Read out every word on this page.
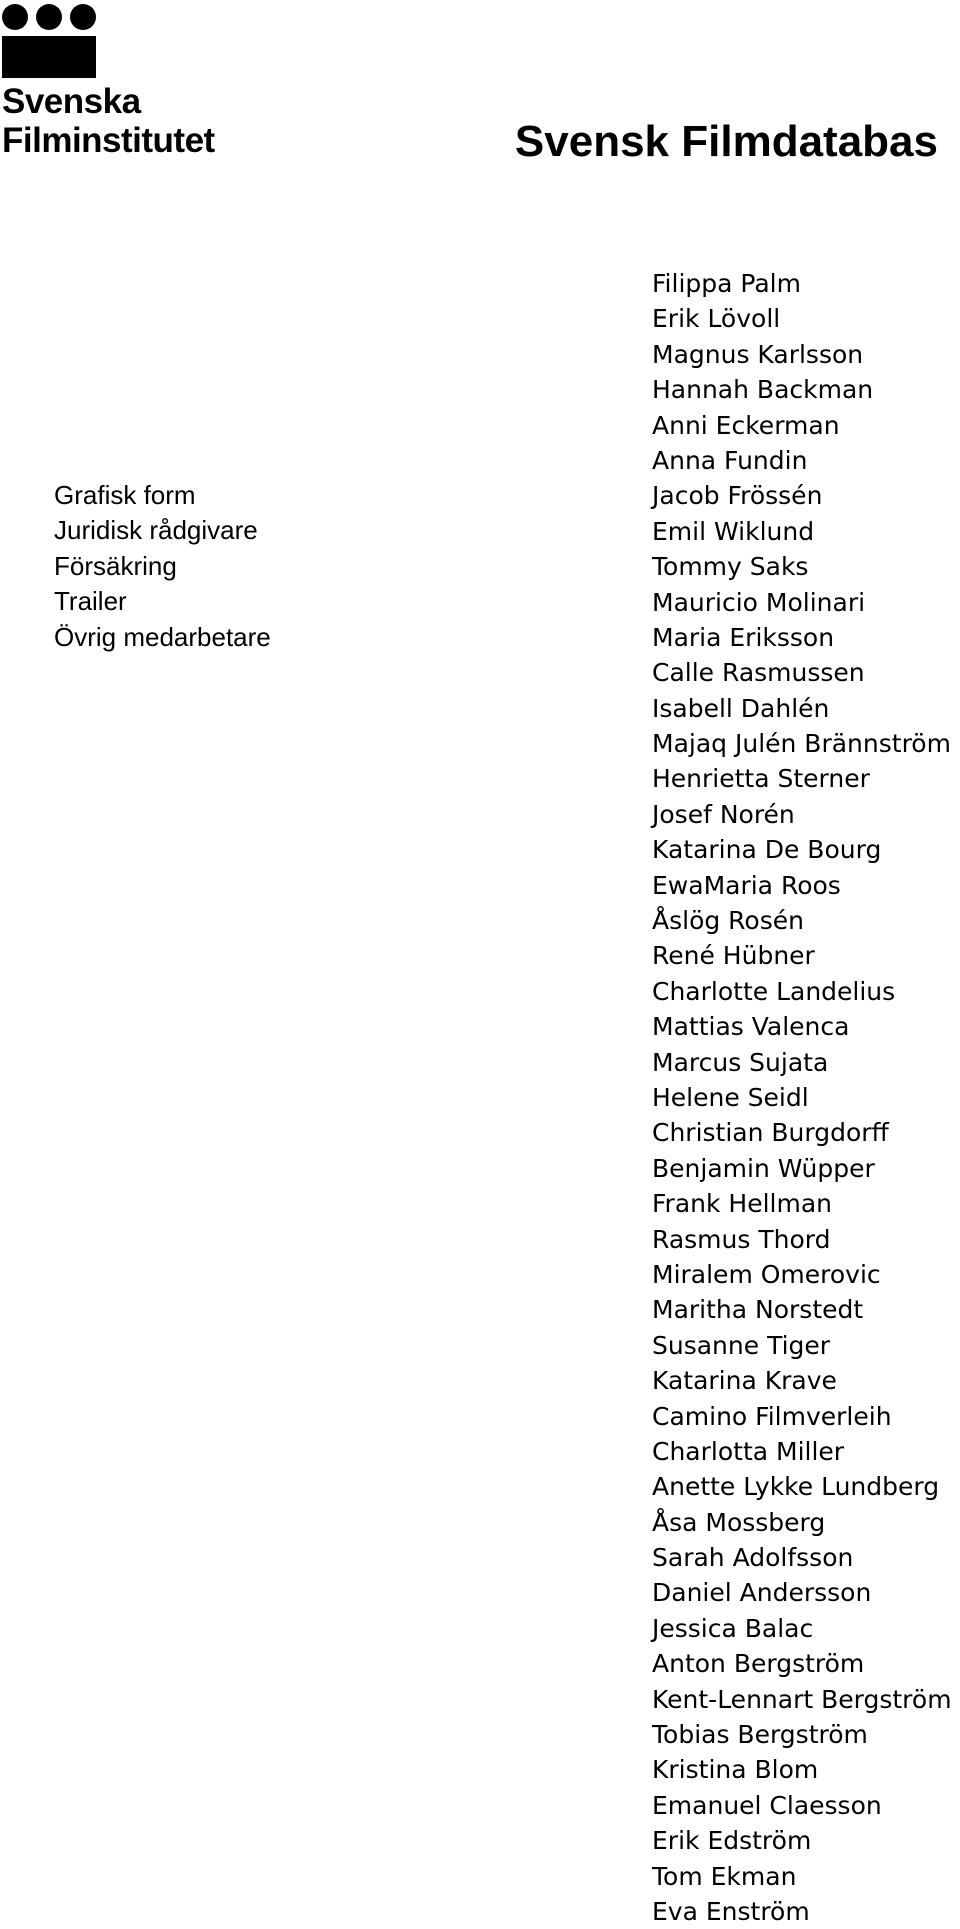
Svenska
Filminstitutet	Svensk Filmdatabas
Grafisk form
Juridisk rådgivare
Försäkring
Trailer
Övrig medarbetare
Filippa Palm
Erik Lövoll
Magnus Karlsson
Hannah Backman
Anni Eckerman
Anna Fundin
Jacob Frössén
Emil Wiklund
Tommy Saks
Mauricio Molinari
Maria Eriksson
Calle Rasmussen
Isabell Dahlén
Majaq Julén Brännström
Henrietta Sterner
Josef Norén
Katarina De Bourg
EwaMaria Roos
Åslög Rosén
René Hübner
Charlotte Landelius
Mattias Valenca
Marcus Sujata
Helene Seidl
Christian Burgdorff
Benjamin Wüpper
Frank Hellman
Rasmus Thord
Miralem Omerovic
Maritha Norstedt
Susanne Tiger
Katarina Krave
Camino Filmverleih
Charlotta Miller
Anette Lykke Lundberg
Åsa Mossberg
Sarah Adolfsson
Daniel Andersson
Jessica Balac
Anton Bergström
Kent-Lennart Bergström
Tobias Bergström
Kristina Blom
Emanuel Claesson
Erik Edström
Tom Ekman
Eva Enström
